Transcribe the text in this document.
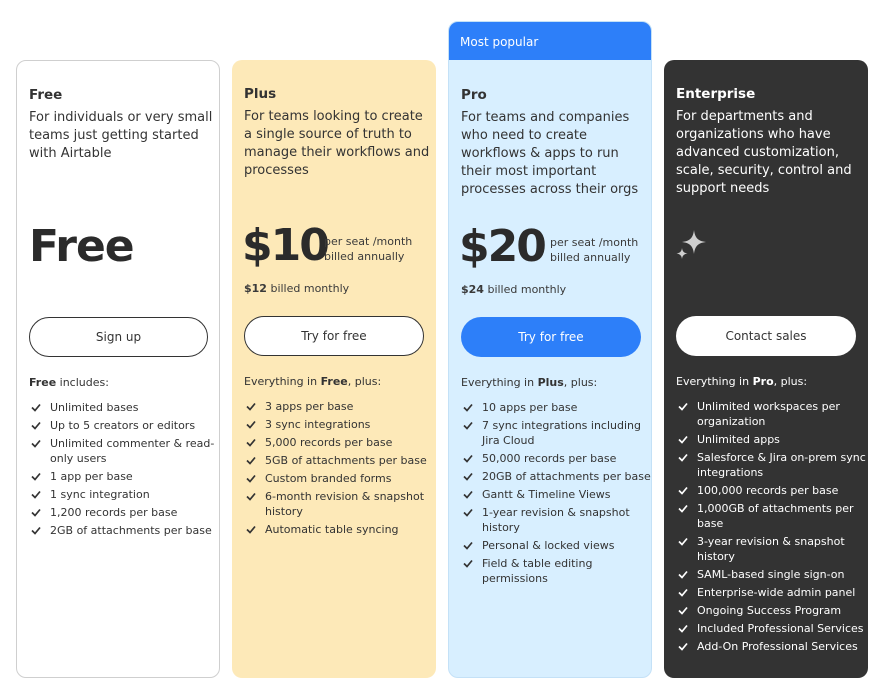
Free
For individuals or very small teams just getting started with Airtable
Free
Sign up
Free includes:
Unlimited bases
Up to 5 creators or editors
Unlimited commenter & read-only users
1 app per base
1 sync integration
1,200 records per base
2GB of attachments per base
Plus
For teams looking to create a single source of truth to manage their workflows and processes
$10
per seat /month billed annually
$12 billed monthly
Try for free
Everything in Free, plus:
3 apps per base
3 sync integrations
5,000 records per base
5GB of attachments per base
Custom branded forms
6-month revision & snapshot history
Automatic table syncing
Most popular
Pro
For teams and companies who need to create workflows & apps to run their most important processes across their orgs
$20 per seat /month billed annually
$24 billed monthly
Try for free
Everything in Plus, plus:
10 apps per base
7 sync integrations including Jira Cloud
50,000 records per base
20GB of attachments per base
Gantt & Timeline Views
1-year revision & snapshot history
Personal & locked views
Field & table editing permissions
Enterprise
For departments and organizations who have advanced customization, scale, security, control and support needs
Contact sales
Everything in Pro, plus:
Unlimited workspaces per organization
Unlimited apps
Salesforce & Jira on-prem sync integrations
100,000 records per base
1,000GB of attachments per base
3-year revision & snapshot history
SAML-based single sign-on
Enterprise-wide admin panel
Ongoing Success Program
Included Professional Services
Add-On Professional Services
